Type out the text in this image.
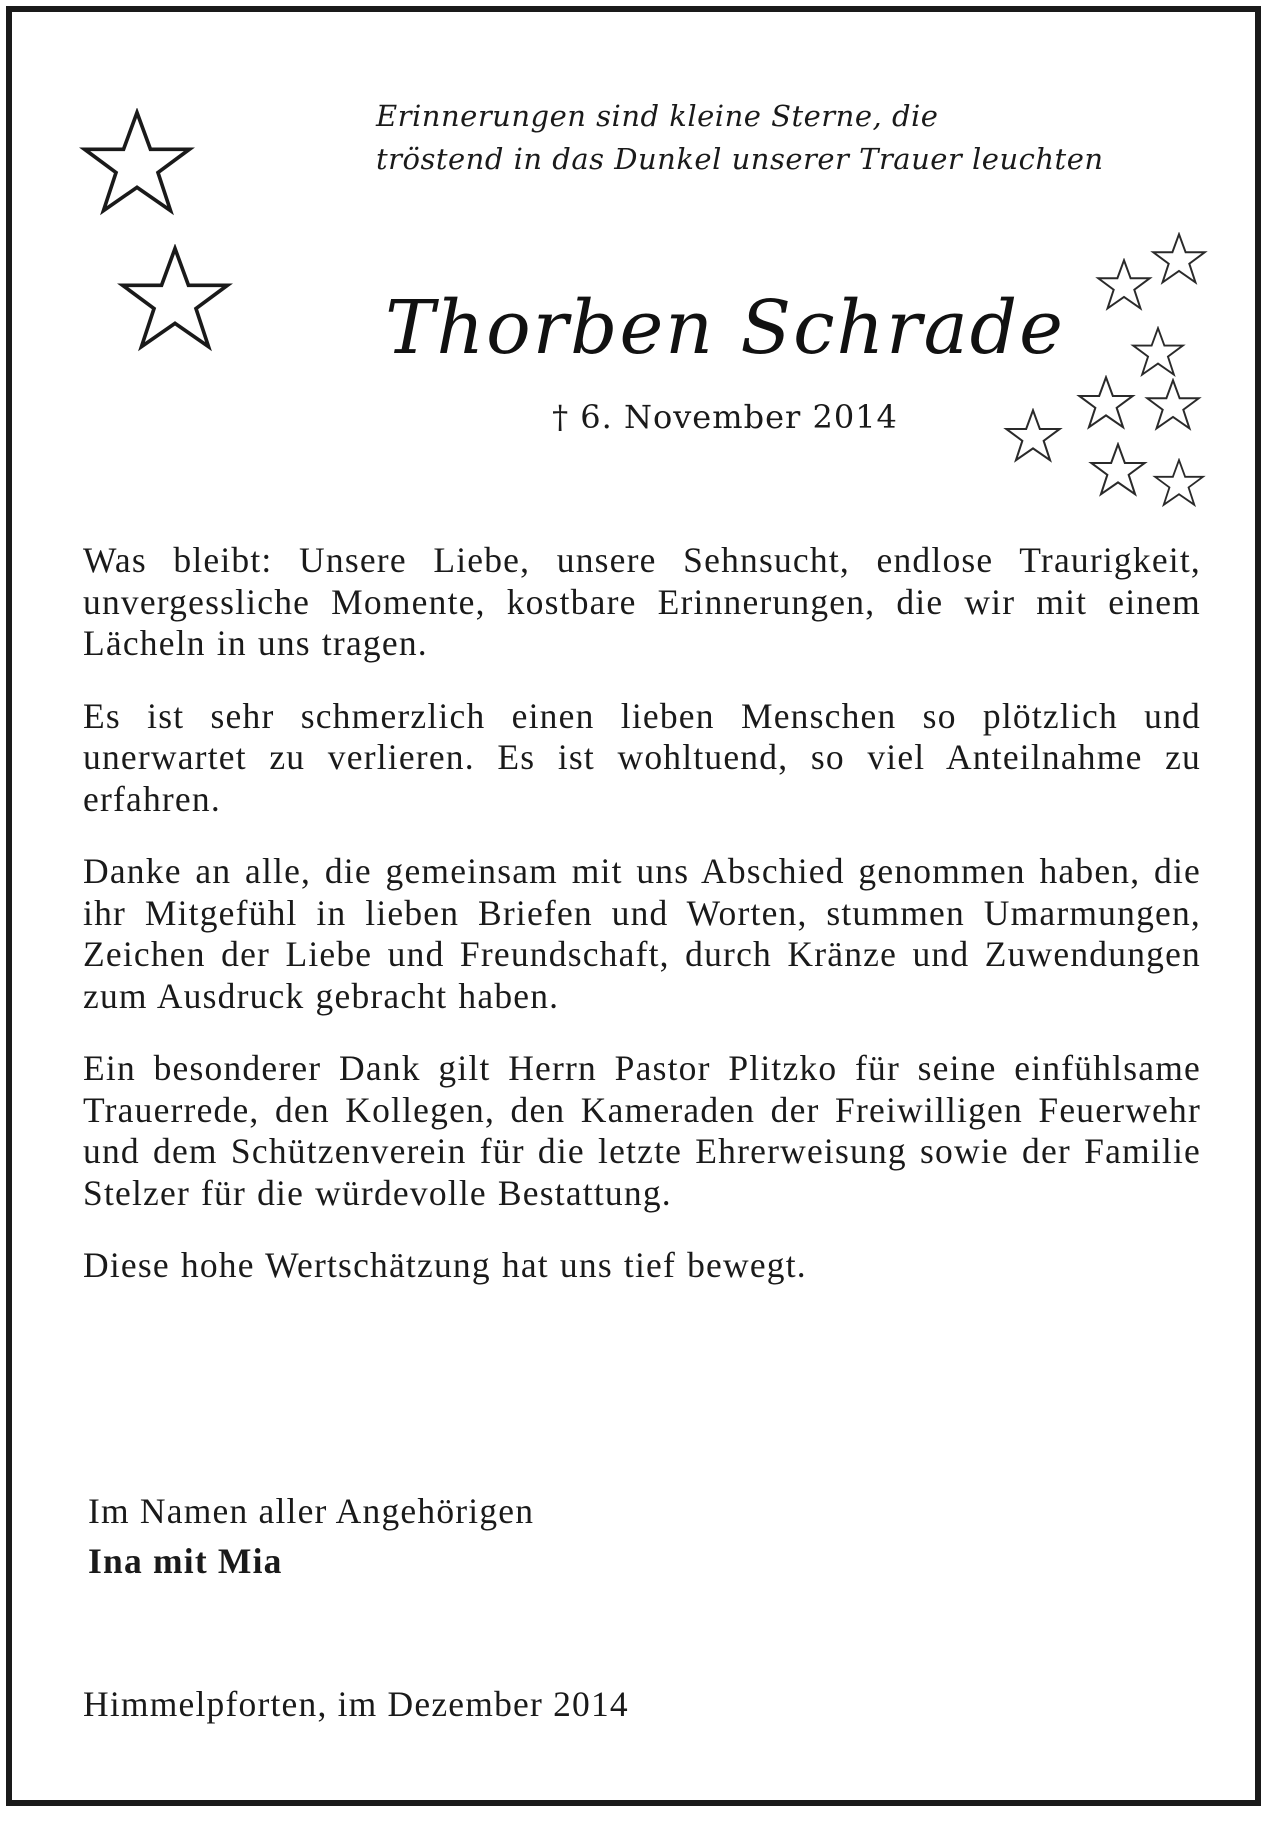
Erinnerungen sind kleine Sterne, die
tröstend in das Dunkel unserer Trauer leuchten
Thorben Schrade
† 6. November 2014

Was bleibt: Unsere Liebe, unsere Sehnsucht, endlose Traurigkeit, unvergessliche Momente, kostbare Erinnerungen, die wir mit einem Lächeln in uns tragen.

Es ist sehr schmerzlich einen lieben Menschen so plötzlich und unerwartet zu verlieren. Es ist wohltuend, so viel Anteilnahme zu erfahren.

Danke an alle, die gemeinsam mit uns Abschied genommen haben, die ihr Mitgefühl in lieben Briefen und Worten, stummen Umarmungen, Zeichen der Liebe und Freundschaft, durch Kränze und Zuwendungen zum Ausdruck gebracht haben.

Ein besonderer Dank gilt Herrn Pastor Plitzko für seine einfühlsame Trauerrede, den Kollegen, den Kameraden der Freiwilligen Feuerwehr und dem Schützenverein für die letzte Ehrerweisung sowie der Familie Stelzer für die würdevolle Bestattung.

Diese hohe Wertschätzung hat uns tief bewegt.

Im Namen aller Angehörigen
Ina mit Mia
Himmelpforten, im Dezember 2014
